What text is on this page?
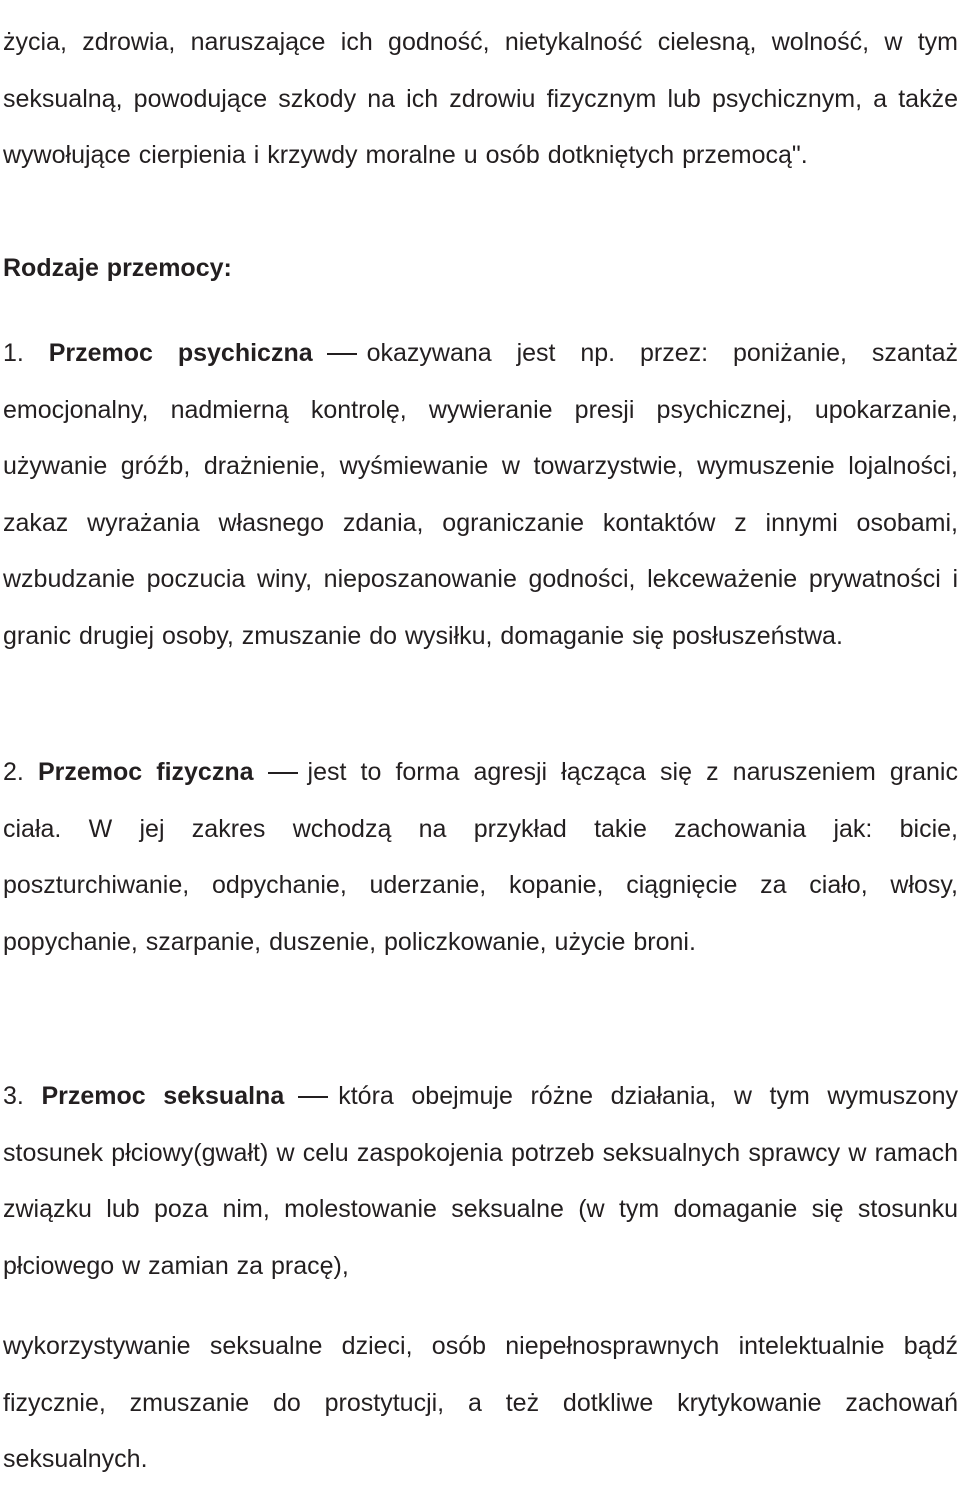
życia, zdrowia, naruszające ich godność, nietykalność cielesną, wolność, w tym seksualną, powodujące szkody na ich zdrowiu fizycznym lub psychicznym, a także wywołujące cierpienia i krzywdy moralne u osób dotkniętych przemocą".

Rodzaje przemocy:

1. Przemoc psychiczna okazywana jest np. przez: poniżanie, szantaż emocjonalny, nadmierną kontrolę, wywieranie presji psychicznej, upokarzanie, używanie gróźb, drażnienie, wyśmiewanie w towarzystwie, wymuszenie lojalności, zakaz wyrażania własnego zdania, ograniczanie kontaktów z innymi osobami, wzbudzanie poczucia winy, nieposzanowanie godności, lekceważenie prywatności i granic drugiej osoby, zmuszanie do wysiłku, domaganie się posłuszeństwa.

2. Przemoc fizyczna jest to forma agresji łącząca się z naruszeniem granic ciała. W jej zakres wchodzą na przykład takie zachowania jak: bicie, poszturchiwanie, odpychanie, uderzanie, kopanie, ciągnięcie za ciało, włosy, popychanie, szarpanie, duszenie, policzkowanie, użycie broni.

3. Przemoc seksualna która obejmuje różne działania, w tym wymuszony stosunek płciowy(gwałt) w celu zaspokojenia potrzeb seksualnych sprawcy w ramach związku lub poza nim, molestowanie seksualne (w tym domaganie się stosunku płciowego w zamian za pracę),

wykorzystywanie seksualne dzieci, osób niepełnosprawnych intelektualnie bądź fizycznie, zmuszanie do prostytucji, a też dotkliwe krytykowanie zachowań seksualnych.
